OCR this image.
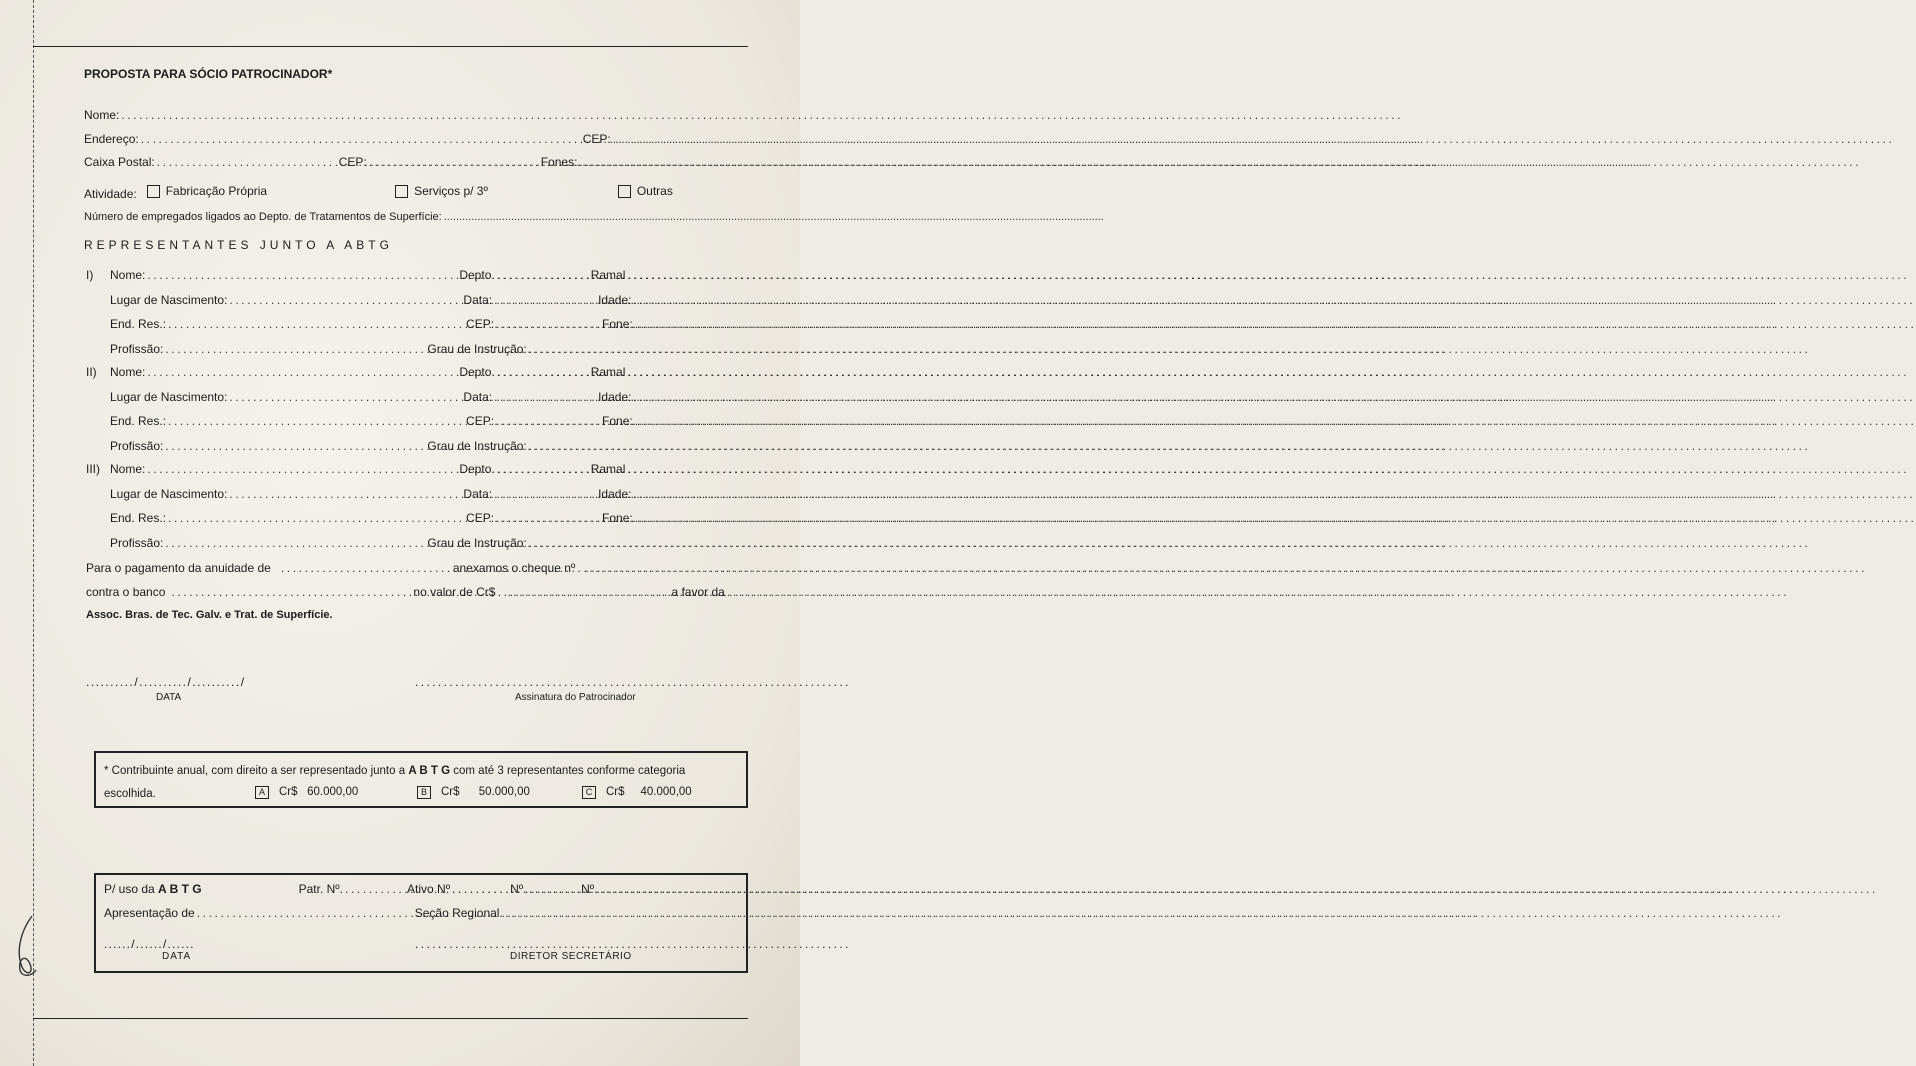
PROPOSTA PARA SÓCIO PATROCINADOR*
Nome:
.....
Endereço: .....	CEP:
.....
Caixa Postal: .....	CEP: .....	Fones:
.....
Atividade: Fabricação Própria	Serviços p/ 3º	Outras
Número de empregados ligados ao Depto. de Tratamentos de Superfície:
.....
REPRESENTANTES JUNTO A ABTG
I)	Nome: .....	Depto. .....	Ramal
.....
Lugar de Nascimento: .....	Data: .....	Idade:
.....
End. Res.: .....	CEP: .....	Fone:
.....
Profissão: .....	Grau de Instrução:
.....
II)	Nome: .....	Depto. .....	Ramal
.....
Lugar de Nascimento: .....	Data: .....	Idade:
.....
End. Res.: .....	CEP: .....	Fone:
.....
Profissão: .....	Grau de Instrução:
.....
III) Nome: .....	Depto. .....	Ramal
.....
Lugar de Nascimento: .....	Data: .....	Idade:
.....
End. Res.: .....	CEP: .....	Fone:
.....
Profissão: .....	Grau de Instrução:
.....
Para o pagamento da anuidade de .....	anexamos o cheque nº
.....
contra o banco .....	no valor de Cr$ .....	a favor da
Assoc. Bras. de Tec. Galv. e Trat. de Superfície.
........../........../........../
DATA
............................................................................
Assinatura do Patrocinador
* Contribuinte anual, com direito a ser representado junto a
A B T G
com até 3 representantes conforme categoria
escolhida.	A	Cr$
60.000,00	B	Cr$
50.000,00	C	Cr$
40.000,00
P/ uso da
A B T G	Patr. Nº. .....	Ativo Nº .....	Nº .....	Nº
.....
Apresentação de .....	Seção Regional
.....
....../....../......
DATA
............................................................................
DIRETOR SECRETÁRIO
